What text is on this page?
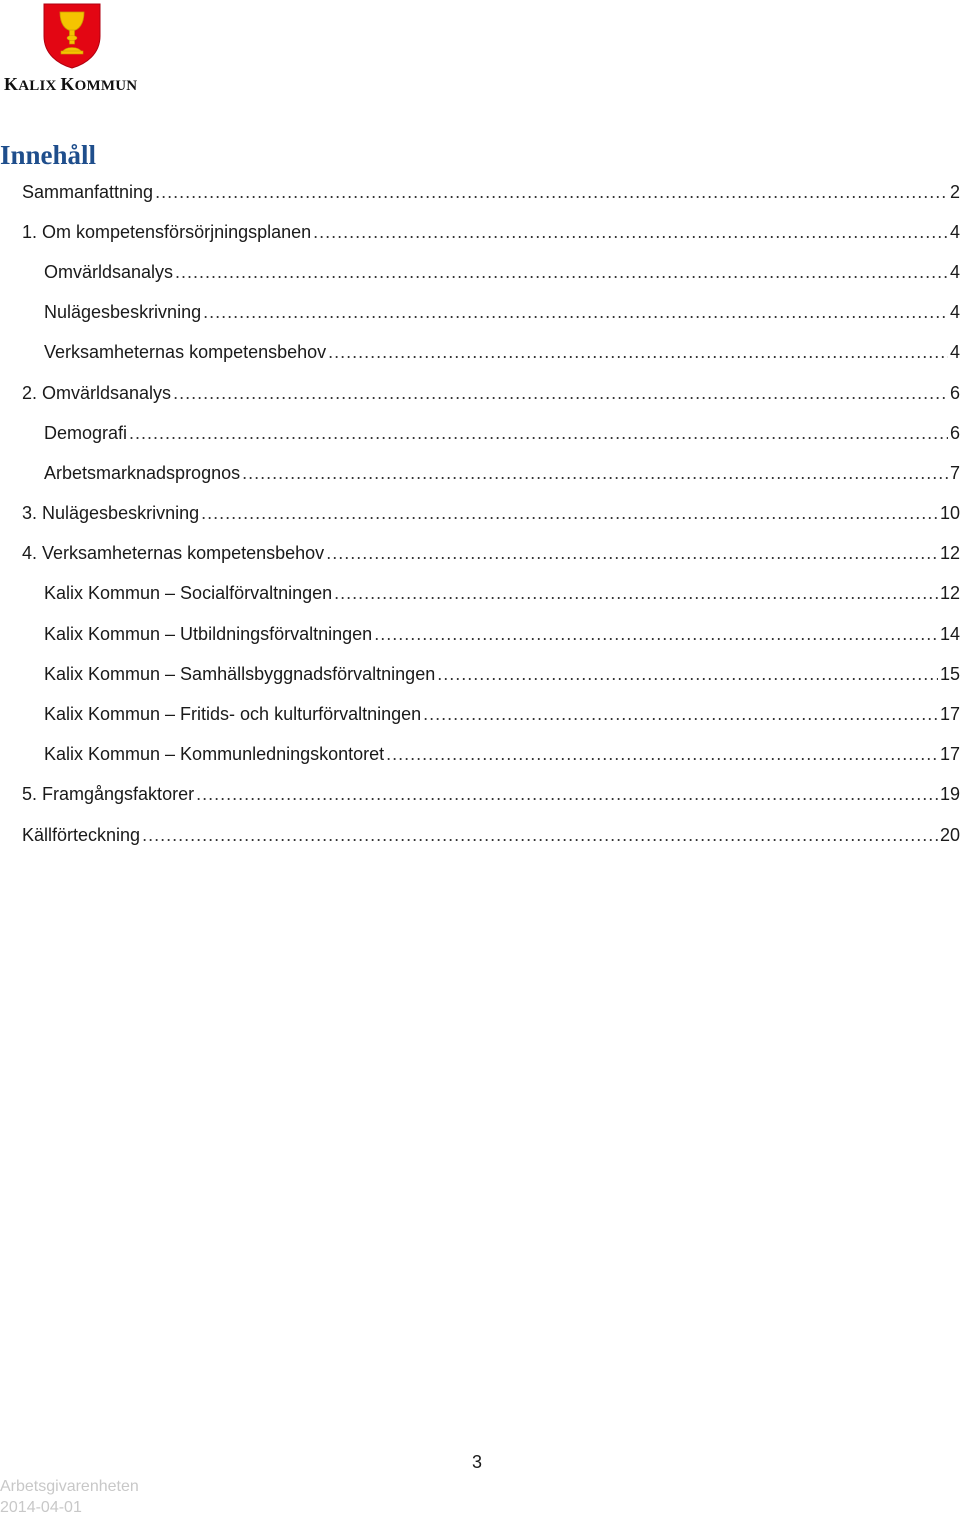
KALIX KOMMUN
Innehåll
Sammanfattning .....	2
1. Om kompetensförsörjningsplanen .....	4
Omvärldsanalys .....	4
Nulägesbeskrivning .....	4
Verksamheternas kompetensbehov .....	4
2. Omvärldsanalys .....	6
Demografi .....	6
Arbetsmarknadsprognos .....	7
3. Nulägesbeskrivning .....	10
4. Verksamheternas kompetensbehov .....	12
Kalix Kommun – Socialförvaltningen .....	12
Kalix Kommun – Utbildningsförvaltningen .....	14
Kalix Kommun – Samhällsbyggnadsförvaltningen .....	15
Kalix Kommun – Fritids- och kulturförvaltningen .....	17
Kalix Kommun – Kommunledningskontoret .....	17
5. Framgångsfaktorer .....	19
Källförteckning .....	20
3
Arbetsgivarenheten
2014-04-01
